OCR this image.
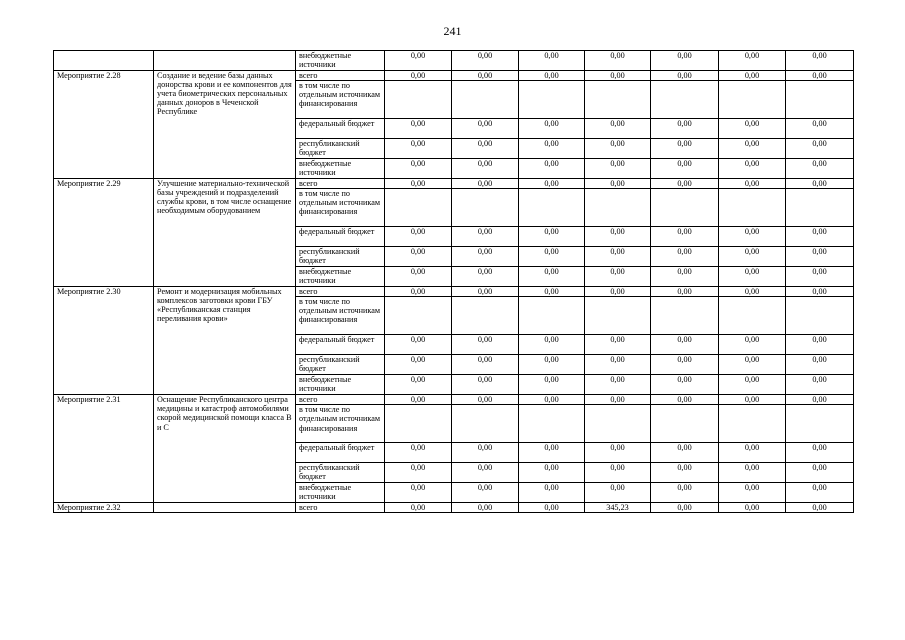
241
		внебюджетные источники	0,00	0,00	0,00	0,00	0,00	0,00	0,00
Мероприятие 2.28	Создание и ведение базы данных донорства крови и ее компонентов для учета биометрических персональных данных доноров в Чеченской Республике	всего	0,00	0,00	0,00	0,00	0,00	0,00	0,00
		в том числе по отдельным источникам финансирования							
		федеральный бюджет	0,00	0,00	0,00	0,00	0,00	0,00	0,00
		республиканский бюджет	0,00	0,00	0,00	0,00	0,00	0,00	0,00
		внебюджетные источники	0,00	0,00	0,00	0,00	0,00	0,00	0,00
Мероприятие 2.29	Улучшение материально-технической базы учреждений и подразделений службы крови, в том числе оснащение необходимым оборудованием	всего	0,00	0,00	0,00	0,00	0,00	0,00	0,00
		в том числе по отдельным источникам финансирования							
		федеральный бюджет	0,00	0,00	0,00	0,00	0,00	0,00	0,00
		республиканский бюджет	0,00	0,00	0,00	0,00	0,00	0,00	0,00
		внебюджетные источники	0,00	0,00	0,00	0,00	0,00	0,00	0,00
Мероприятие 2.30	Ремонт и модернизация мобильных комплексов заготовки крови ГБУ «Республиканская станция переливания крови»	всего	0,00	0,00	0,00	0,00	0,00	0,00	0,00
		в том числе по отдельным источникам финансирования							
		федеральный бюджет	0,00	0,00	0,00	0,00	0,00	0,00	0,00
		республиканский бюджет	0,00	0,00	0,00	0,00	0,00	0,00	0,00
		внебюджетные источники	0,00	0,00	0,00	0,00	0,00	0,00	0,00
Мероприятие 2.31	Оснащение Республиканского центра медицины и катастроф автомобилями скорой медицинской помощи класса В и С	всего	0,00	0,00	0,00	0,00	0,00	0,00	0,00
		в том числе по отдельным источникам финансирования							
		федеральный бюджет	0,00	0,00	0,00	0,00	0,00	0,00	0,00
		республиканский бюджет	0,00	0,00	0,00	0,00	0,00	0,00	0,00
		внебюджетные источники	0,00	0,00	0,00	0,00	0,00	0,00	0,00
Мероприятие 2.32		всего	0,00	0,00	0,00	345,23	0,00	0,00	0,00
